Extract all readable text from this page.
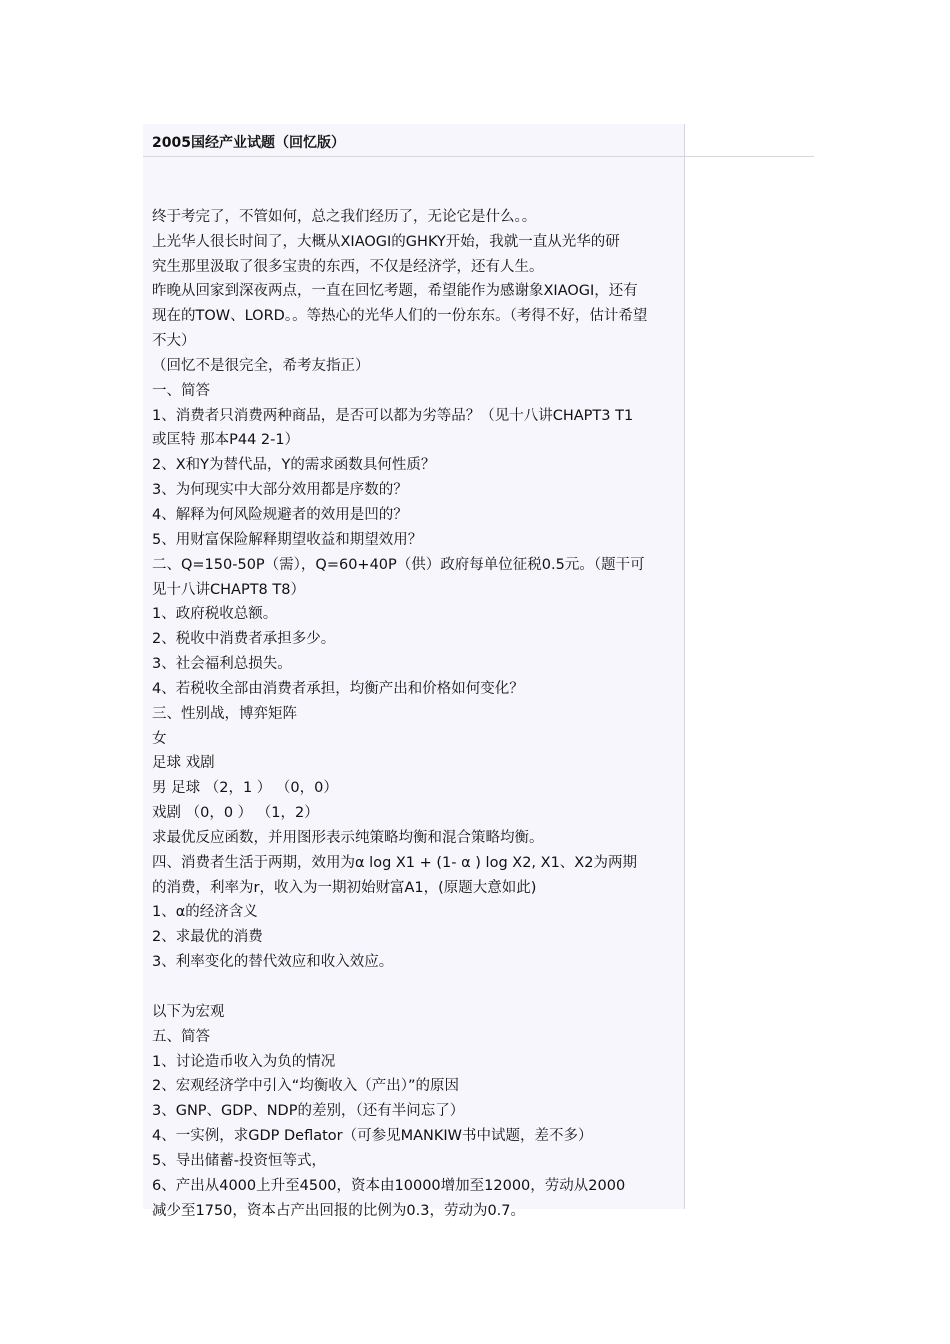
2005国经产业试题（回忆版）
终于考完了，不管如何，总之我们经历了，无论它是什么。。
上光华人很长时间了，大概从XIAOGI的GHKY开始，我就一直从光华的研
究生那里汲取了很多宝贵的东西，不仅是经济学，还有人生。
昨晚从回家到深夜两点，一直在回忆考题，希望能作为感谢象XIAOGI，还有
现在的TOW、LORD。。等热心的光华人们的一份东东。（考得不好，估计希望
不大）
（回忆不是很完全，希考友指正）
一、简答
1、消费者只消费两种商品，是否可以都为劣等品？（见十八讲CHAPT3 T1
或匡特 那本P44 2-1）
2、X和Y为替代品，Y的需求函数具何性质？
3、为何现实中大部分效用都是序数的？
4、解释为何风险规避者的效用是凹的？
5、用财富保险解释期望收益和期望效用？
二、Q=150-50P（需），Q=60+40P（供）政府每单位征税0.5元。（题干可
见十八讲CHAPT8 T8）
1、政府税收总额。
2、税收中消费者承担多少。
3、社会福利总损失。
4、若税收全部由消费者承担，均衡产出和价格如何变化？
三、性别战，博弈矩阵
女
足球 戏剧
男 足球 （2，1 ） （0，0）
戏剧 （0，0 ） （1，2）
求最优反应函数，并用图形表示纯策略均衡和混合策略均衡。
四、消费者生活于两期，效用为α log X1 + (1- α ) log X2, X1、X2为两期
的消费，利率为r，收入为一期初始财富A1，(原题大意如此)
1、α的经济含义
2、求最优的消费
3、利率变化的替代效应和收入效应。
以下为宏观
五、简答
1、讨论造币收入为负的情况
2、宏观经济学中引入“均衡收入（产出）”的原因
3、GNP、GDP、NDP的差别，（还有半问忘了）
4、一实例，求GDP Deflator（可参见MANKIW书中试题，差不多）
5、导出储蓄-投资恒等式，
6、产出从4000上升至4500，资本由10000增加至12000，劳动从2000
减少至1750，资本占产出回报的比例为0.3，劳动为0.7。
